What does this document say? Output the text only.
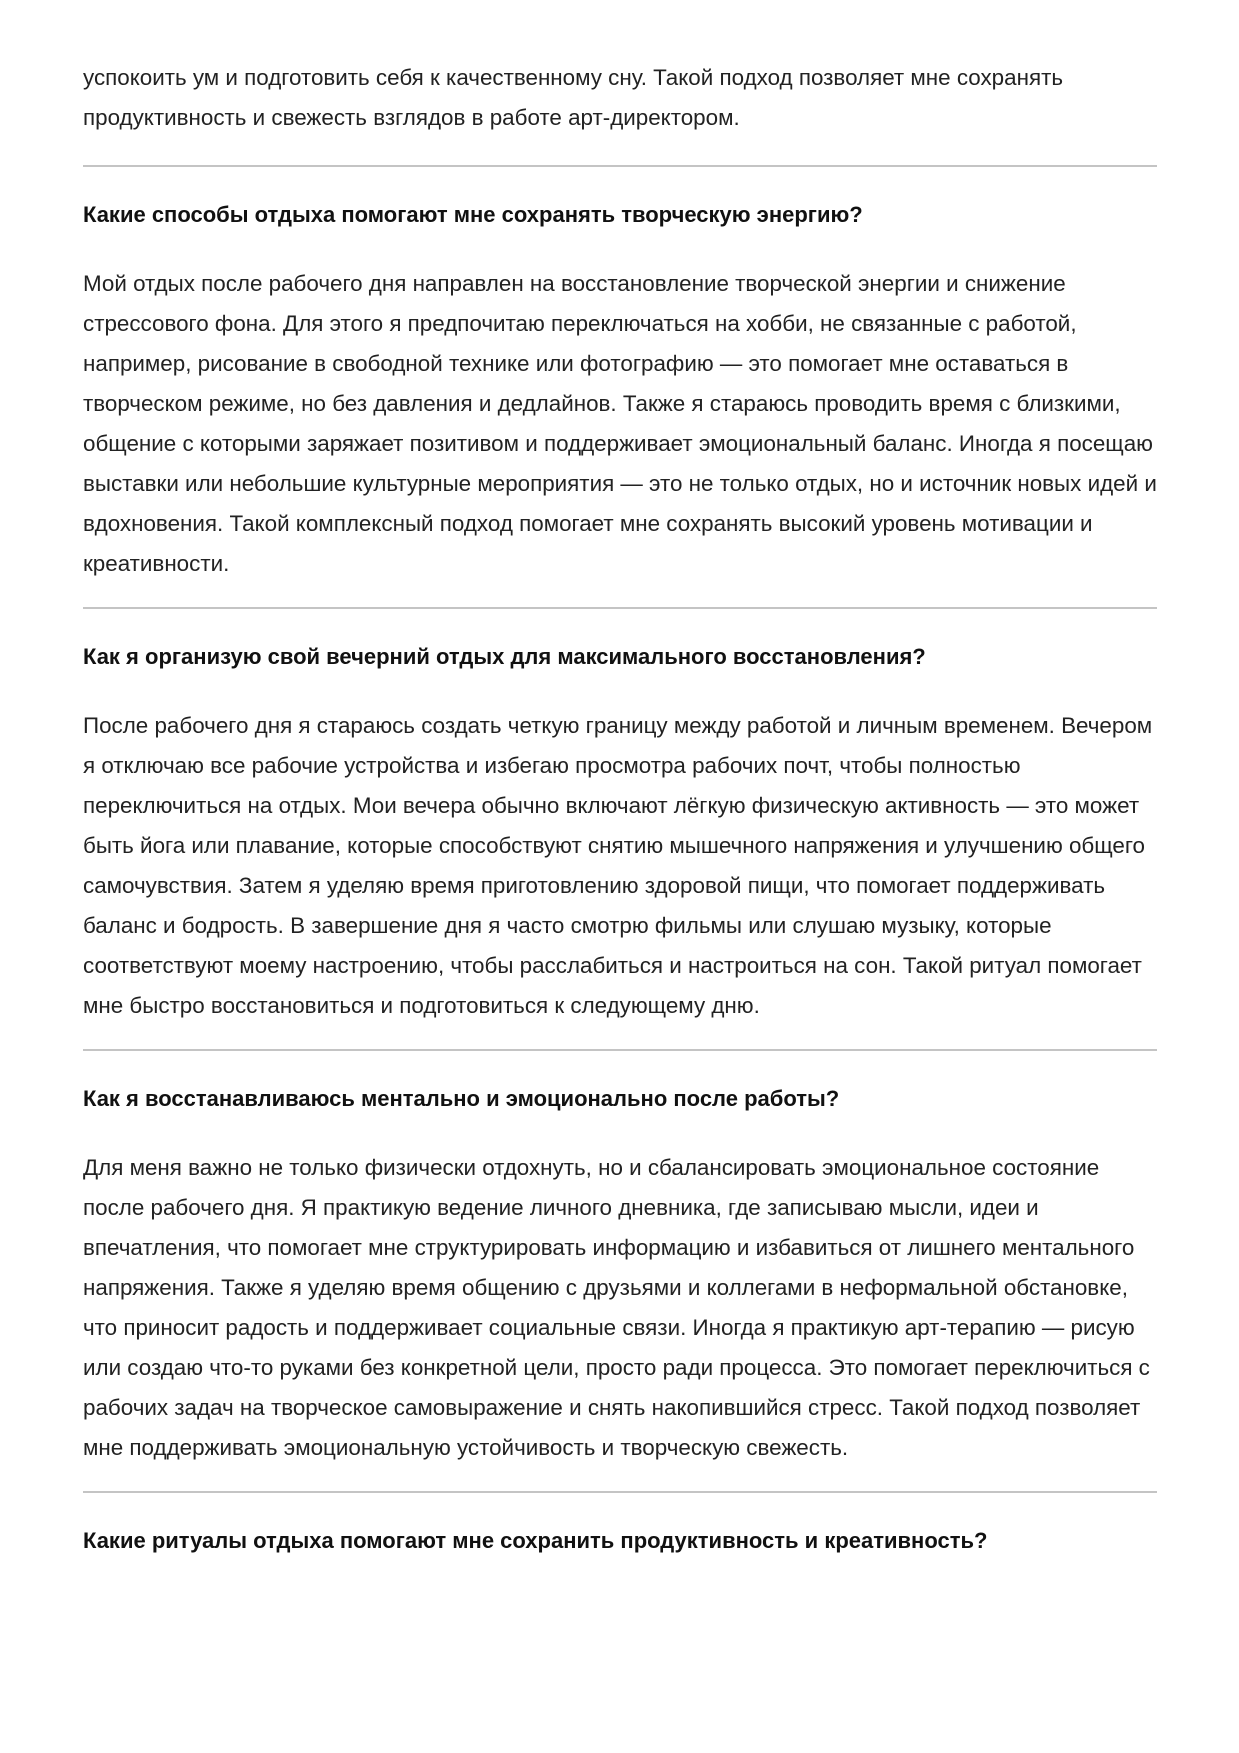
успокоить ум и подготовить себя к качественному сну. Такой подход позволяет мне сохранять продуктивность и свежесть взглядов в работе арт-директором.

Какие способы отдыха помогают мне сохранять творческую энергию?

Мой отдых после рабочего дня направлен на восстановление творческой энергии и снижение стрессового фона. Для этого я предпочитаю переключаться на хобби, не связанные с работой, например, рисование в свободной технике или фотографию — это помогает мне оставаться в творческом режиме, но без давления и дедлайнов. Также я стараюсь проводить время с близкими, общение с которыми заряжает позитивом и поддерживает эмоциональный баланс. Иногда я посещаю выставки или небольшие культурные мероприятия — это не только отдых, но и источник новых идей и вдохновения. Такой комплексный подход помогает мне сохранять высокий уровень мотивации и креативности.

Как я организую свой вечерний отдых для максимального восстановления?

После рабочего дня я стараюсь создать четкую границу между работой и личным временем. Вечером я отключаю все рабочие устройства и избегаю просмотра рабочих почт, чтобы полностью переключиться на отдых. Мои вечера обычно включают лёгкую физическую активность — это может быть йога или плавание, которые способствуют снятию мышечного напряжения и улучшению общего самочувствия. Затем я уделяю время приготовлению здоровой пищи, что помогает поддерживать баланс и бодрость. В завершение дня я часто смотрю фильмы или слушаю музыку, которые соответствуют моему настроению, чтобы расслабиться и настроиться на сон. Такой ритуал помогает мне быстро восстановиться и подготовиться к следующему дню.

Как я восстанавливаюсь ментально и эмоционально после работы?

Для меня важно не только физически отдохнуть, но и сбалансировать эмоциональное состояние после рабочего дня. Я практикую ведение личного дневника, где записываю мысли, идеи и впечатления, что помогает мне структурировать информацию и избавиться от лишнего ментального напряжения. Также я уделяю время общению с друзьями и коллегами в неформальной обстановке, что приносит радость и поддерживает социальные связи. Иногда я практикую арт-терапию — рисую или создаю что-то руками без конкретной цели, просто ради процесса. Это помогает переключиться с рабочих задач на творческое самовыражение и снять накопившийся стресс. Такой подход позволяет мне поддерживать эмоциональную устойчивость и творческую свежесть.

Какие ритуалы отдыха помогают мне сохранить продуктивность и креативность?
